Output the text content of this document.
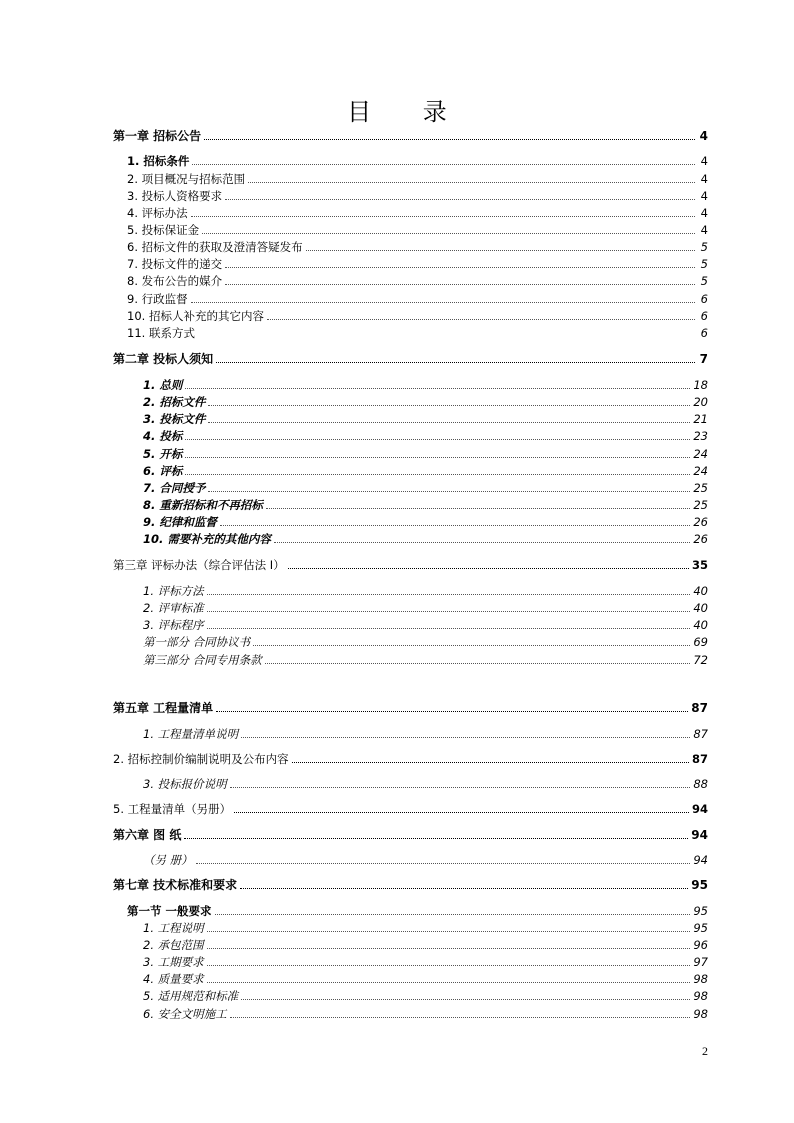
目 录
第一章 招标公告	4
1. 招标条件	4
2. 项目概况与招标范围	4
3. 投标人资格要求	4
4. 评标办法	4
5. 投标保证金	4
6. 招标文件的获取及澄清答疑发布	5
7. 投标文件的递交	5
8. 发布公告的媒介	5
9. 行政监督	6
10. 招标人补充的其它内容	6
11. 联系方式	6
第二章 投标人须知	7
1. 总则	18
2. 招标文件	20
3. 投标文件	21
4. 投标	23
5. 开标	24
6. 评标	24
7. 合同授予	25
8. 重新招标和不再招标	25
9. 纪律和监督	26
10. 需要补充的其他内容	26
第三章 评标办法（综合评估法 I）	35
1. 评标方法	40
2. 评审标准	40
3. 评标程序	40
第一部分 合同协议书	69
第三部分 合同专用条款	72
第五章 工程量清单	87
1. 工程量清单说明	87
2. 招标控制价编制说明及公布内容	87
3. 投标报价说明	88
5. 工程量清单（另册）	94
第六章 图 纸	94
（另 册）	94
第七章 技术标准和要求	95
第一节 一般要求	95
1. 工程说明	95
2. 承包范围	96
3. 工期要求	97
4. 质量要求	98
5. 适用规范和标准	98
6. 安全文明施工	98
2
